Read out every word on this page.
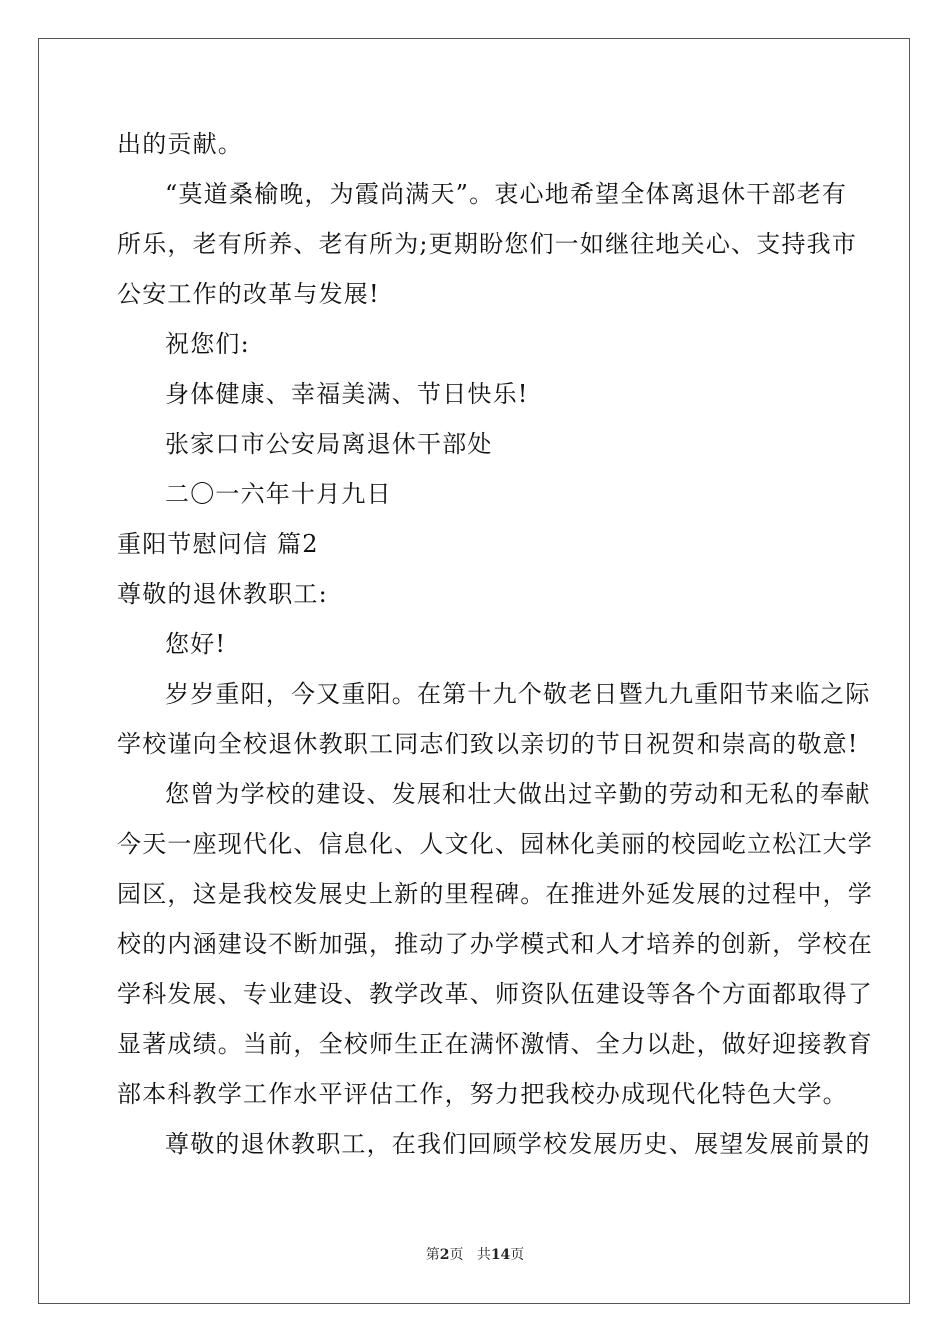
出的贡献。
“莫道桑榆晚，为霞尚满天”。衷心地希望全体离退休干部老有
所乐，老有所养、老有所为;更期盼您们一如继往地关心、支持我市
公安工作的改革与发展!
祝您们:
身体健康、幸福美满、节日快乐!
张家口市公安局离退休干部处
二〇一六年十月九日
重阳节慰问信 篇2
尊敬的退休教职工:
您好!
岁岁重阳，今又重阳。在第十九个敬老日暨九九重阳节来临之际
学校谨向全校退休教职工同志们致以亲切的节日祝贺和崇高的敬意!
您曾为学校的建设、发展和壮大做出过辛勤的劳动和无私的奉献
今天一座现代化、信息化、人文化、园林化美丽的校园屹立松江大学
园区，这是我校发展史上新的里程碑。在推进外延发展的过程中，学
校的内涵建设不断加强，推动了办学模式和人才培养的创新，学校在
学科发展、专业建设、教学改革、师资队伍建设等各个方面都取得了
显著成绩。当前，全校师生正在满怀激情、全力以赴，做好迎接教育
部本科教学工作水平评估工作，努力把我校办成现代化特色大学。
尊敬的退休教职工，在我们回顾学校发展历史、展望发展前景的
第2页 共14页
